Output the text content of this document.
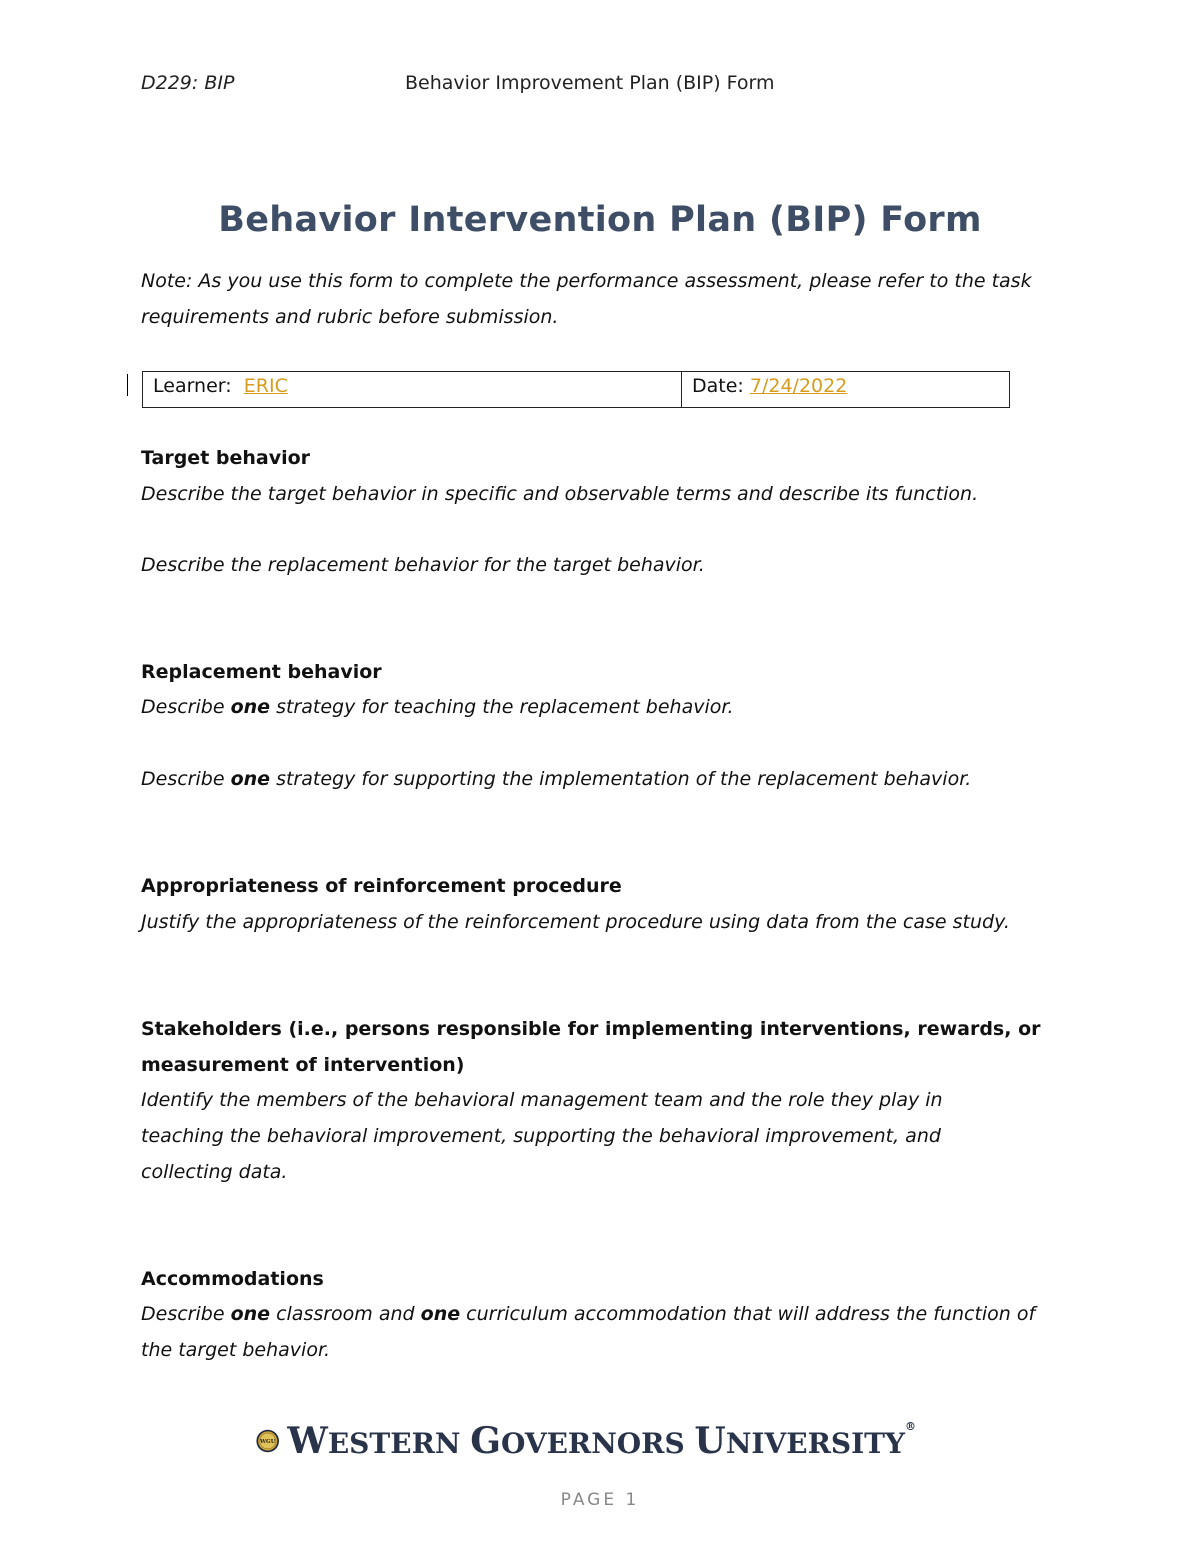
D229: BIP	Behavior Improvement Plan (BIP) Form
Behavior Intervention Plan (BIP) Form
Note: As you use this form to complete the performance assessment, please refer to the task requirements and rubric before submission.
Learner: ERIC	Date: 7/24/2022
Target behavior
Describe the target behavior in specific and observable terms and describe its function.
Describe the replacement behavior for the target behavior.
Replacement behavior
Describe one strategy for teaching the replacement behavior.
Describe one strategy for supporting the implementation of the replacement behavior.
Appropriateness of reinforcement procedure
Justify the appropriateness of the reinforcement procedure using data from the case study.
Stakeholders (i.e., persons responsible for implementing interventions, rewards, or measurement of intervention)
Identify the members of the behavioral management team and the role they play in teaching the behavioral improvement, supporting the behavioral improvement, and collecting data.
Accommodations
Describe one classroom and one curriculum accommodation that will address the function of the target behavior.
WGU WESTERN GOVERNORS UNIVERSITY®
PAGE 1
